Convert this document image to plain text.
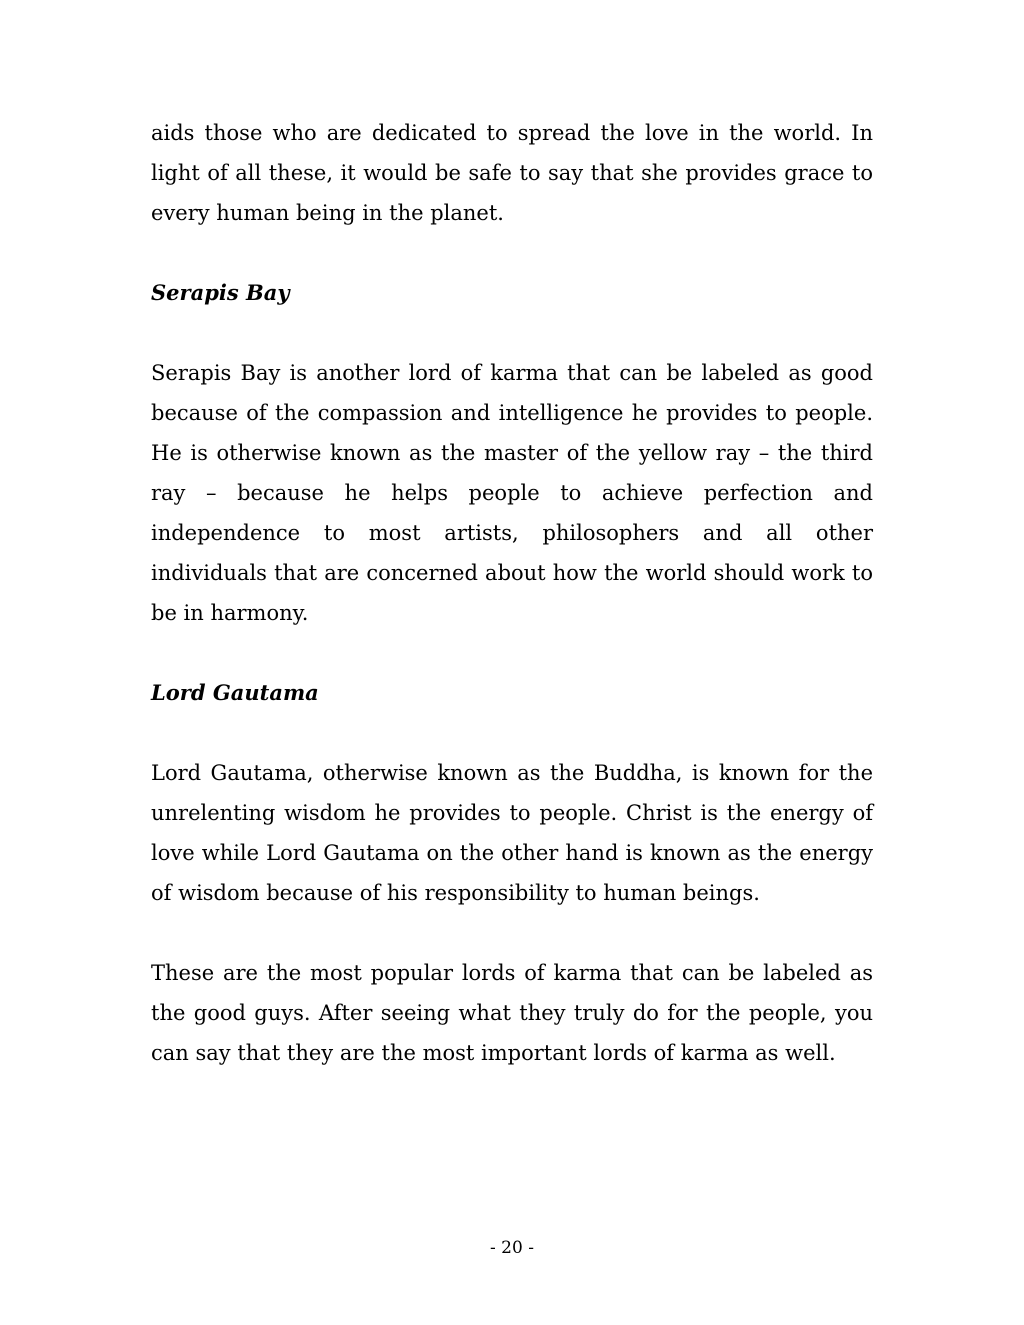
aids those who are dedicated to spread the love in the world. In light of all these, it would be safe to say that she provides grace to every human being in the planet.

Serapis Bay

Serapis Bay is another lord of karma that can be labeled as good because of the compassion and intelligence he provides to people. He is otherwise known as the master of the yellow ray – the third ray – because he helps people to achieve perfection and independence to most artists, philosophers and all other individuals that are concerned about how the world should work to be in harmony.

Lord Gautama

Lord Gautama, otherwise known as the Buddha, is known for the unrelenting wisdom he provides to people. Christ is the energy of love while Lord Gautama on the other hand is known as the energy of wisdom because of his responsibility to human beings.

These are the most popular lords of karma that can be labeled as the good guys. After seeing what they truly do for the people, you can say that they are the most important lords of karma as well.

- 20 -
